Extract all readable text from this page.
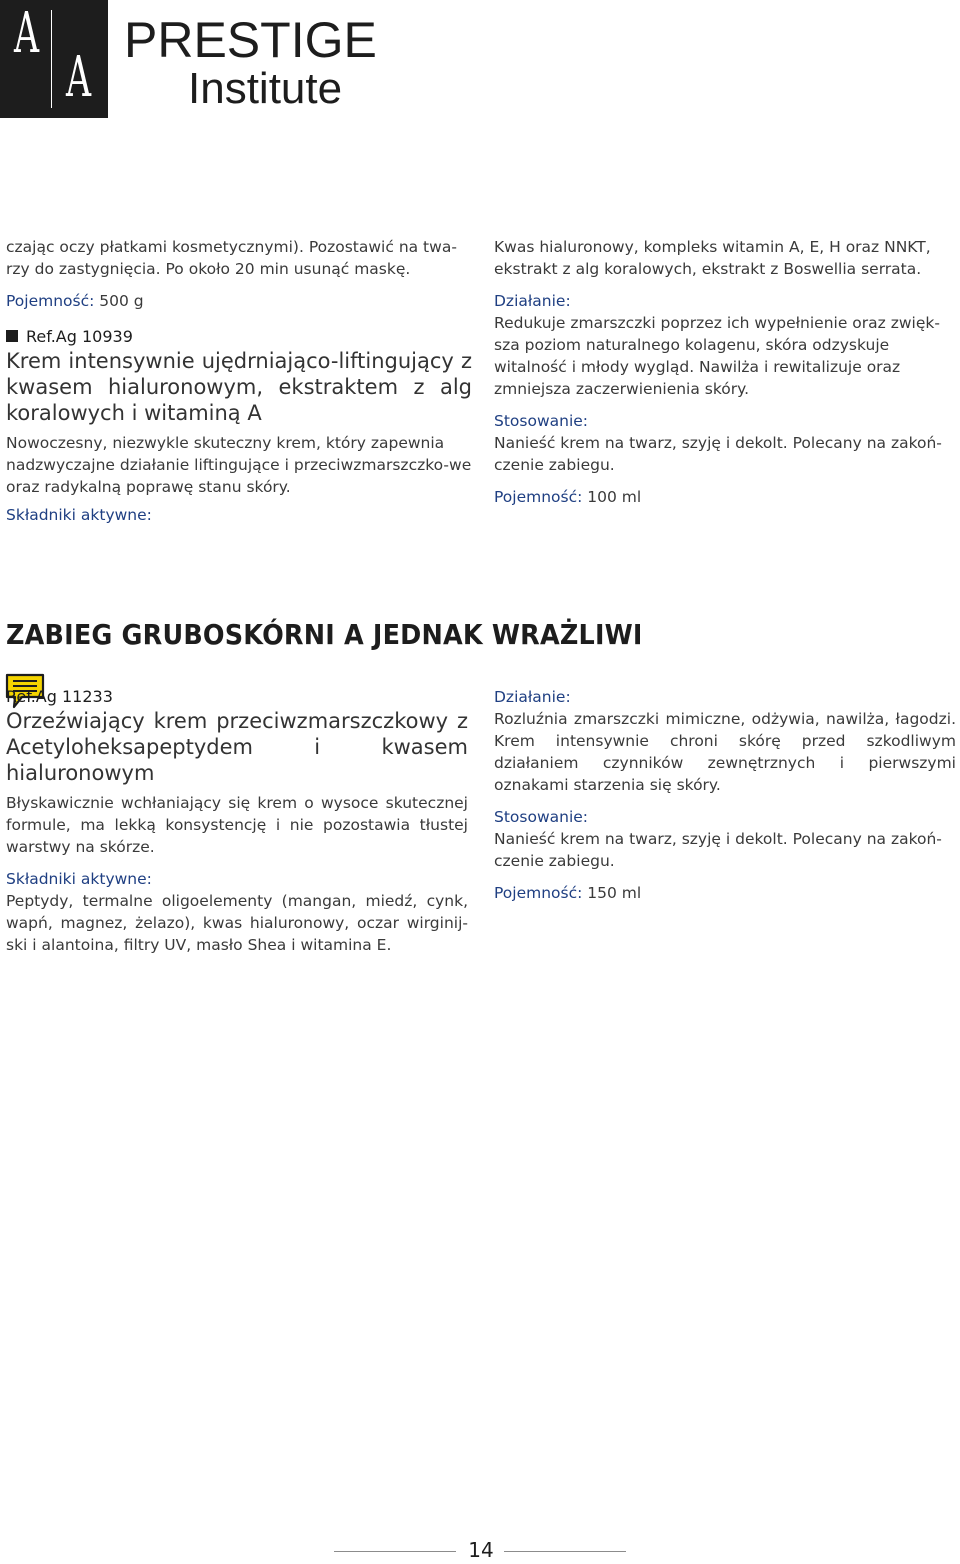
A
A
PRESTIGE
Institute

czając oczy płatkami kosmetycznymi). Pozostawić na twa-rzy do zastygnięcia. Po około 20 min usunąć maskę.

Pojemność: 500 g

Ref.Ag 10939

Krem intensywnie ujędrniająco-liftingujący z kwasem hialuronowym, ekstraktem z alg koralowych i witaminą A

Nowoczesny, niezwykle skuteczny krem, który zapewnia nadzwyczajne działanie liftingujące i przeciwzmarszczko-we oraz radykalną poprawę stanu skóry.

Składniki aktywne:

Kwas hialuronowy, kompleks witamin A, E, H oraz NNKT, ekstrakt z alg koralowych, ekstrakt z Boswellia serrata.

Działanie:

Redukuje zmarszczki poprzez ich wypełnienie oraz zwięk-sza poziom naturalnego kolagenu, skóra odzyskuje witalność i młody wygląd. Nawilża i rewitalizuje oraz zmniejsza zaczerwienienia skóry.

Stosowanie:

Nanieść krem na twarz, szyję i dekolt. Polecany na zakoń-czenie zabiegu.

Pojemność: 100 ml

ZABIEG GRUBOSKÓRNI A JEDNAK WRAŻLIWI
Ref.Ag 11233

Orzeźwiający krem przeciwzmarszczkowy z Acetyloheksapeptydem i kwasem hialuronowym

Błyskawicznie wchłaniający się krem o wysoce skutecznej formule, ma lekką konsystencję i nie pozostawia tłustej warstwy na skórze.

Składniki aktywne:

Peptydy, termalne oligoelementy (mangan, miedź, cynk, wapń, magnez, żelazo), kwas hialuronowy, oczar wirginij-ski i alantoina, filtry UV, masło Shea i witamina E.

Działanie:

Rozluźnia zmarszczki mimiczne, odżywia, nawilża, łagodzi. Krem intensywnie chroni skórę przed szkodliwym działaniem czynników zewnętrznych i pierwszymi oznakami starzenia się skóry.

Stosowanie:

Nanieść krem na twarz, szyję i dekolt. Polecany na zakoń-czenie zabiegu.

Pojemność: 150 ml

14
